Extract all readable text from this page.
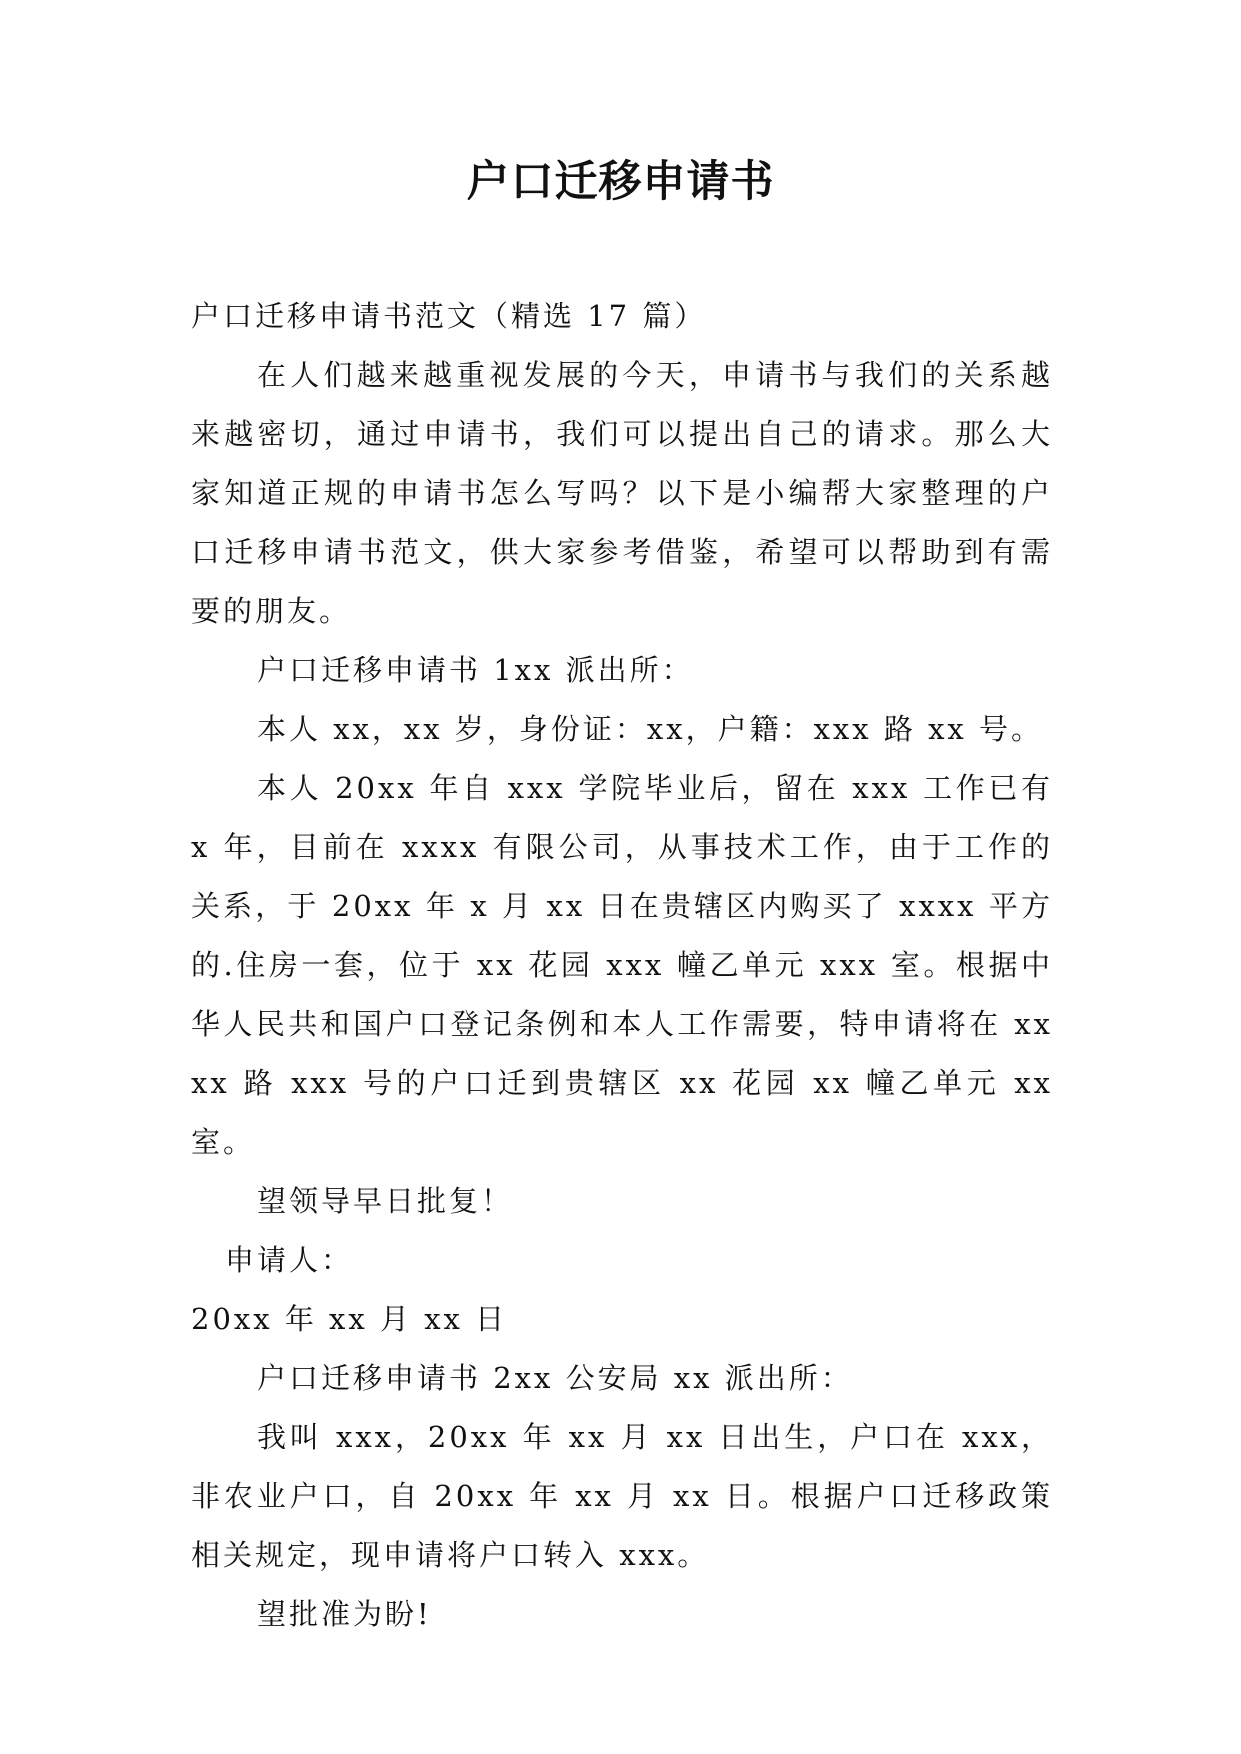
户口迁移申请书

户口迁移申请书范文（精选 17 篇）

在人们越来越重视发展的今天，申请书与我们的关系越来越密切，通过申请书，我们可以提出自己的请求。那么大家知道正规的申请书怎么写吗？以下是小编帮大家整理的户口迁移申请书范文，供大家参考借鉴，希望可以帮助到有需要的朋友。

户口迁移申请书 1xx 派出所：

本人 xx，xx 岁，身份证：xx，户籍：xxx 路 xx 号。

本人 20xx 年自 xxx 学院毕业后，留在 xxx 工作已有 x 年，目前在 xxxx 有限公司，从事技术工作，由于工作的关系，于 20xx 年 x 月 xx 日在贵辖区内购买了 xxxx 平方的.住房一套，位于 xx 花园 xxx 幢乙单元 xxx 室。根据中华人民共和国户口登记条例和本人工作需要，特申请将在 xxxx 路 xxx 号的户口迁到贵辖区 xx 花园 xx 幢乙单元 xx 室。

望领导早日批复！

申请人：

20xx 年 xx 月 xx 日

户口迁移申请书 2xx 公安局 xx 派出所：

我叫 xxx，20xx 年 xx 月 xx 日出生，户口在 xxx，非农业户口，自 20xx 年 xx 月 xx 日。根据户口迁移政策相关规定，现申请将户口转入 xxx。

望批准为盼!
